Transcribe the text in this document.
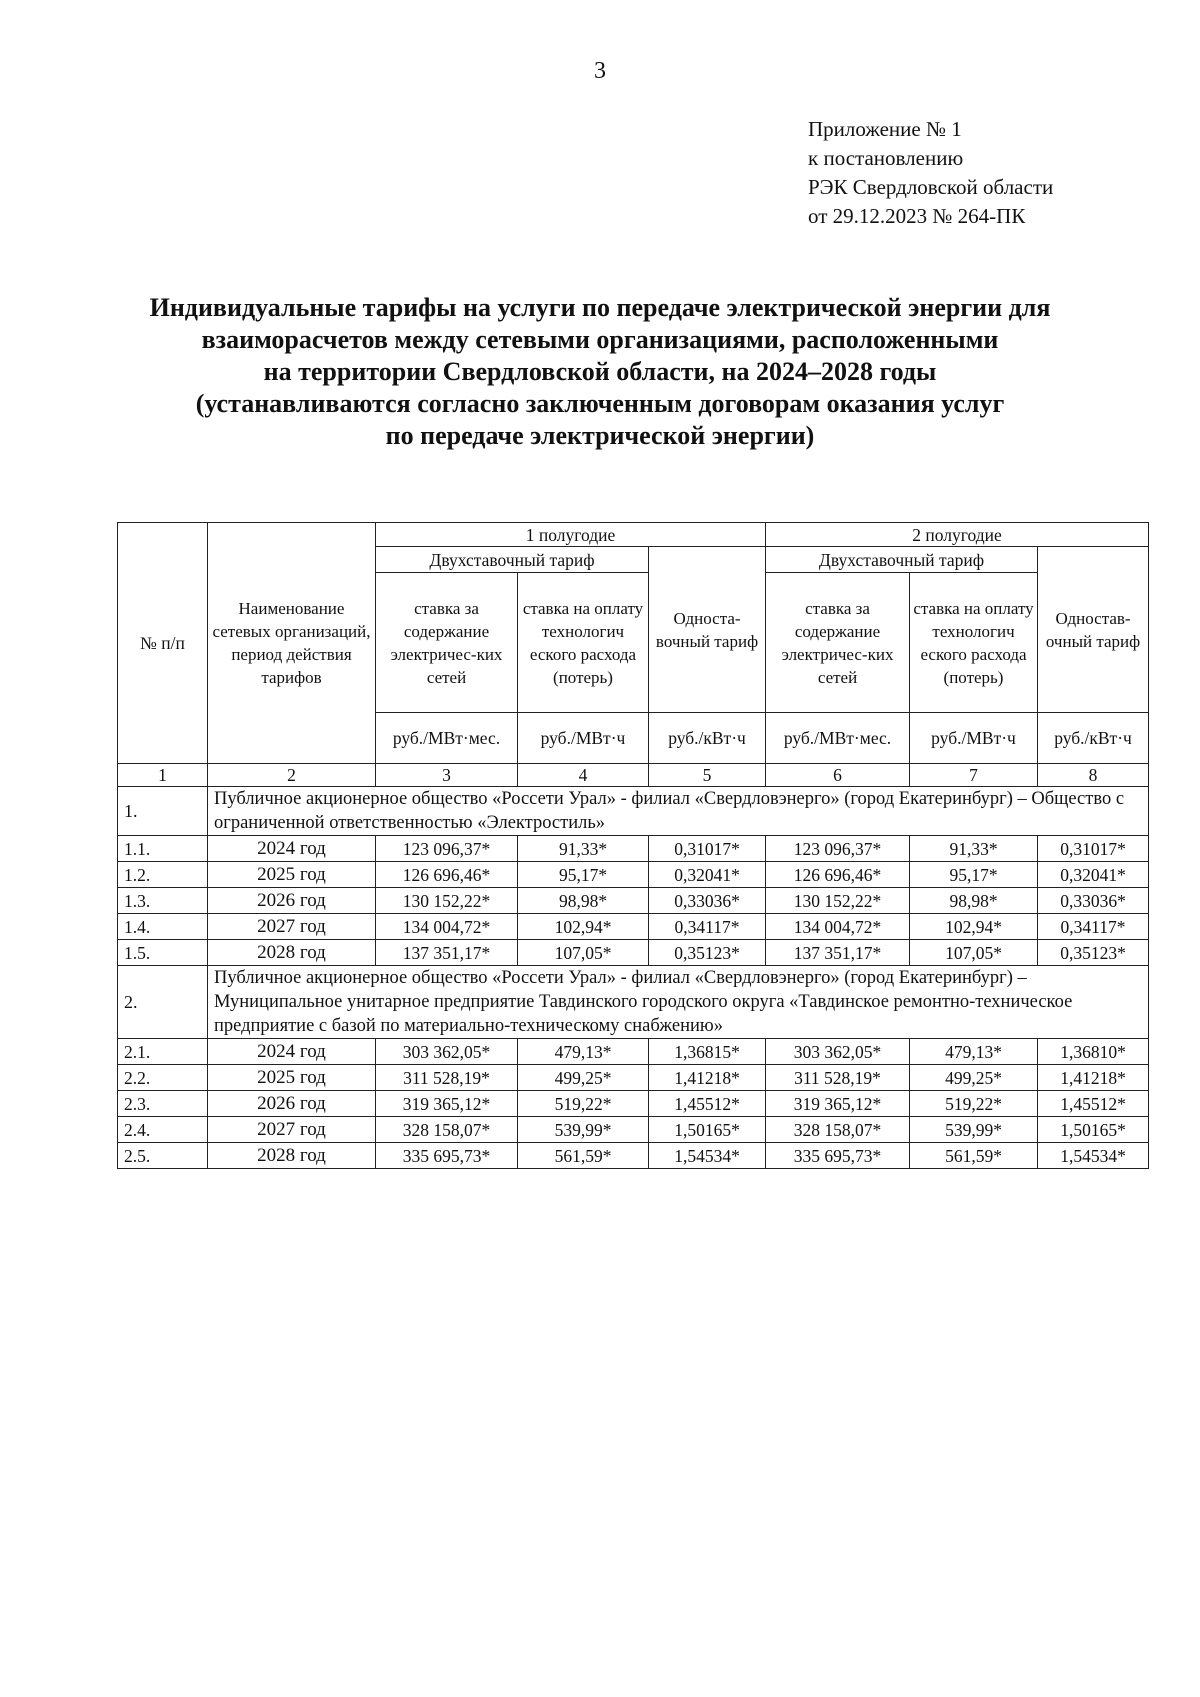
3
Приложение № 1
к постановлению
РЭК Свердловской области
от 29.12.2023 № 264-ПК
Индивидуальные тарифы на услуги по передаче электрической энергии для
взаиморасчетов между сетевыми организациями, расположенными
на территории Свердловской области, на 2024–2028 годы
(устанавливаются согласно заключенным договорам оказания услуг
по передаче электрической энергии)
№ п/п	Наименование сетевых организаций, период действия тарифов	1 полугодие			2 полугодие		
		Двухставочный тариф		Односта-вочный тариф	Двухставочный тариф		Одностав-очный тариф
		ставка за содержание электричес-ких сетей	ставка на оплату технологич еского расхода (потерь)		ставка за содержание электричес-ких сетей	ставка на оплату технологич еского расхода (потерь)	
		руб./МВт·мес.	руб./МВт·ч	руб./кВт·ч	руб./МВт·мес.	руб./МВт·ч	руб./кВт·ч
1	2	3	4	5	6	7	8
1.	Публичное акционерное общество «Россети Урал» - филиал «Свердловэнерго» (город Екатеринбург) – Общество с ограниченной ответственностью «Электростиль»						
1.1.	2024 год	123 096,37*	91,33*	0,31017*	123 096,37*	91,33*	0,31017*
1.2.	2025 год	126 696,46*	95,17*	0,32041*	126 696,46*	95,17*	0,32041*
1.3.	2026 год	130 152,22*	98,98*	0,33036*	130 152,22*	98,98*	0,33036*
1.4.	2027 год	134 004,72*	102,94*	0,34117*	134 004,72*	102,94*	0,34117*
1.5.	2028 год	137 351,17*	107,05*	0,35123*	137 351,17*	107,05*	0,35123*
2.	Публичное акционерное общество «Россети Урал» - филиал «Свердловэнерго» (город Екатеринбург) – Муниципальное унитарное предприятие Тавдинского городского округа «Тавдинское ремонтно-техническое предприятие с базой по материально-техническому снабжению»						
2.1.	2024 год	303 362,05*	479,13*	1,36815*	303 362,05*	479,13*	1,36810*
2.2.	2025 год	311 528,19*	499,25*	1,41218*	311 528,19*	499,25*	1,41218*
2.3.	2026 год	319 365,12*	519,22*	1,45512*	319 365,12*	519,22*	1,45512*
2.4.	2027 год	328 158,07*	539,99*	1,50165*	328 158,07*	539,99*	1,50165*
2.5.	2028 год	335 695,73*	561,59*	1,54534*	335 695,73*	561,59*	1,54534*
